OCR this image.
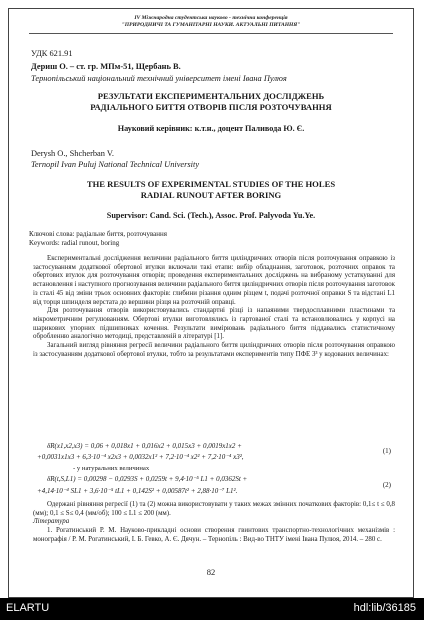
IV Міжнародна студентська науково - технічна конференція
"ПРИРОДНИЧІ ТА ГУМАНІТАРНІ НАУКИ. АКТУАЛЬНІ ПИТАННЯ"
УДК 621.91
Дериш О. – ст. гр. МПм-51, Щербань В.
Тернопільський національний технічний університет імені Івана Пулюя
РЕЗУЛЬТАТИ ЕКСПЕРИМЕНТАЛЬНИХ ДОСЛІДЖЕНЬ
РАДІАЛЬНОГО БИТТЯ ОТВОРІВ ПІСЛЯ РОЗТОЧУВАННЯ
Науковий керівник: к.т.н., доцент Паливода Ю. Є.
Derysh O., Shcherban V.
Ternopil Ivan Puluj National Technical University
THE RESULTS OF EXPERIMENTAL STUDIES OF THE HOLES
RADIAL RUNOUT AFTER BORING
Supervisor: Cand. Sci. (Tech.), Assoc. Prof. Palyvoda Yu.Ye.
Ключові слова: радіальне биття, розточування
Keywords: radial runout, boring

Експериментальні дослідження величини радіального биття циліндричних отворів після розточування оправкою із застосуванням додаткової обертової втулки включали такі етапи: вибір обладнання, заготовок, розточних оправок та обертових втулок для розточування отворів; проведення експериментальних досліджень на вибраному устаткуванні для встановлення і наступного прогнозування величини радіального биття циліндричних отворів після розточування заготовок із сталі 45 від зміни трьох основних факторів: глибини різання одним різцем t, подачі розточної оправки S та відстані L1 від торця шпинделя верстата до вершини різця на розточній оправці.

Для розточування отворів використовувались стандартні різці із напаяними твердосплавними пластинами та мікрометричним регулюванням. Обертові втулки виготовлялись із гартованої сталі та встановлювались у корпусі на шарикових упорних підшипниках кочення. Результати вимірювань радіального биття піддавались статистичному обробленню аналогічно методиці, представленій в літературі [1].

Загальний вигляд рівняння регресії величини радіального биття циліндричних отворів після розточування оправкою із застосуванням додаткової обертової втулки, тобто за результатами експериментів типу ПФЕ 3³ у кодованих величинах:

δR(x1,x2,x3) = 0,06 + 0,018x1 + 0,016x2 + 0,015x3 + 0,0019x1x2 +
+0,0031x1x3 + 6,3·10⁻⁴ x2x3 + 0,0032x1² + 7,2·10⁻⁴ x2² + 7,2·10⁻⁴ x3²,
(1)
- у натуральних величинах
δR(t,S,L1) = 0,00298 − 0,0293S + 0,0259t + 9,4·10⁻⁵ L1 + 0,0362St +
+4,14·10⁻⁴ SL1 + 3,6·10⁻⁵ tL1 + 0,142S² + 0,00587t² + 2,88·10⁻⁷ L1².
(2)

Одержані рівняння регресії (1) та (2) можна використовувати у таких межах змінних початкових факторів: 0,1≤ t ≤ 0,8 (мм); 0,1 ≤ S≤ 0,4 (мм/об); 100 ≤ L1 ≤ 200 (мм).

Література

1. Рогатинський Р. М. Науково-прикладні основи створення гвинтових транспортно-технологічних механізмів : монографія / Р. М. Рогатинський, І. Б. Гевко, А. Є. Дячун. – Тернопіль : Вид-во ТНТУ імені Івана Пулюя, 2014. – 280 с.

82
ELARTU	hdl:lib/36185
